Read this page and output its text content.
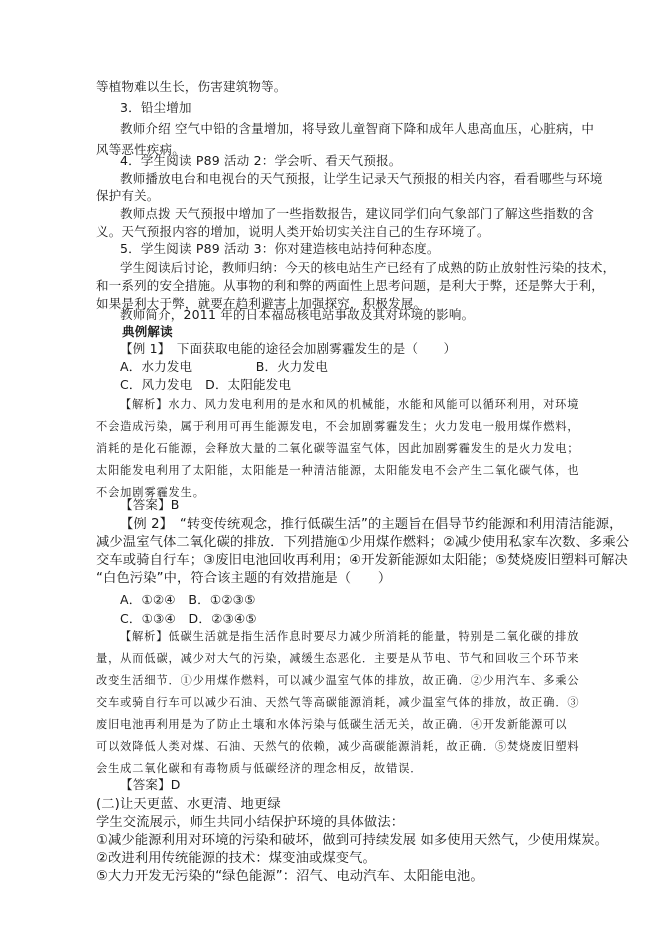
等植物难以生长，伤害建筑物等。
3．铅尘增加
教师介绍 空气中铅的含量增加，将导致儿童智商下降和成年人患高血压，心脏病，中
风等恶性疾病。
4．学生阅读 P89 活动 2：学会听、看天气预报。
教师播放电台和电视台的天气预报，让学生记录天气预报的相关内容，看看哪些与环境
保护有关。
教师点拨 天气预报中增加了一些指数报告，建议同学们向气象部门了解这些指数的含
义。天气预报内容的增加，说明人类开始切实关注自己的生存环境了。
5．学生阅读 P89 活动 3：你对建造核电站持何种态度。
学生阅读后讨论，教师归纳：今天的核电站生产已经有了成熟的防止放射性污染的技术，
和一系列的安全措施。从事物的利和弊的两面性上思考问题，是利大于弊，还是弊大于利，
如果是利大于弊，就要在趋利避害上加强探究，积极发展。
教师简介，2011 年的日本福岛核电站事故及其对环境的影响。
典例解读
【例 1】　下面获取电能的途径会加剧雾霾发生的是（　　）
A．水力发电　　　　　B．火力发电
C．风力发电　D．太阳能发电
【解析】水力、风力发电利用的是水和风的机械能，水能和风能可以循环利用，对环境
不会造成污染，属于利用可再生能源发电，不会加剧雾霾发生；火力发电一般用煤作燃料，
消耗的是化石能源，会释放大量的二氧化碳等温室气体，因此加剧雾霾发生的是火力发电；
太阳能发电利用了太阳能，太阳能是一种清洁能源，太阳能发电不会产生二氧化碳气体，也
不会加剧雾霾发生。
【答案】B
【例 2】　“转变传统观念，推行低碳生活”的主题旨在倡导节约能源和利用清洁能源，
减少温室气体二氧化碳的排放．下列措施①少用煤作燃料；②减少使用私家车次数、多乘公
交车或骑自行车；③废旧电池回收再利用；④开发新能源如太阳能；⑤焚烧废旧塑料可解决
“白色污染”中，符合该主题的有效措施是（　　）
A．①②④　B．①②③⑤
C．①③④　D．②③④⑤
【解析】低碳生活就是指生活作息时要尽力减少所消耗的能量，特别是二氧化碳的排放
量，从而低碳，减少对大气的污染，减缓生态恶化．主要是从节电、节气和回收三个环节来
改变生活细节．①少用煤作燃料，可以减少温室气体的排放，故正确．②少用汽车、多乘公
交车或骑自行车可以减少石油、天然气等高碳能源消耗，减少温室气体的排放，故正确．③
废旧电池再利用是为了防止土壤和水体污染与低碳生活无关，故正确．④开发新能源可以
可以效降低人类对煤、石油、天然气的依赖，减少高碳能源消耗，故正确．⑤焚烧废旧塑料
会生成二氧化碳和有毒物质与低碳经济的理念相反，故错误．
【答案】D
(二)让天更蓝、水更清、地更绿
学生交流展示，师生共同小结保护环境的具体做法：
①减少能源利用对环境的污染和破坏，做到可持续发展 如多使用天然气，少使用煤炭。
②改进利用传统能源的技术：煤变油或煤变气。
⑤大力开发无污染的“绿色能源”：沼气、电动汽车、太阳能电池。
